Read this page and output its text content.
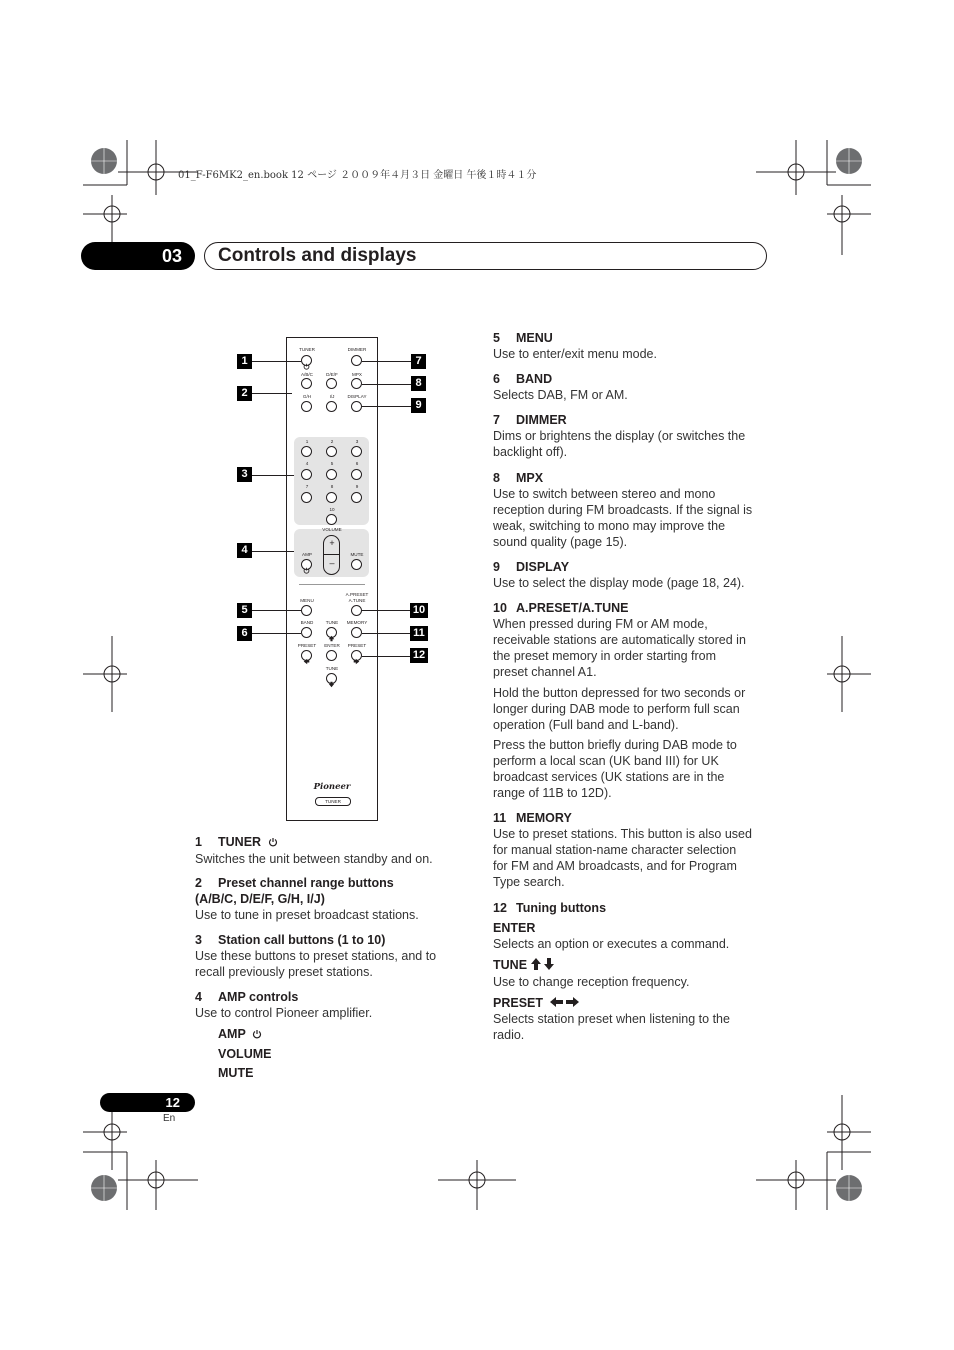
01_F-F6MK2_en.book 12 ページ ２００９年４月３日 金曜日 午後１時４１分
03	Controls and displays
TUNER	DIMMER
A/B/C	D/E/F	MPX
G/H	I/J	DISPLAY
1	2	3
4	5	6
7	8	9
10
VOLUME
+
–
AMP	MUTE
MENU
A.PRESET
A.TUNE
BAND	TUNE	MEMORY
PRESET	ENTER	PRESET
TUNE
Pioneer
TUNER
1
2
3
4
5
6
7
8
9
10
11
12
1 TUNER
Switches the unit between standby and on.
2 Preset channel range buttons
(A/B/C, D/E/F, G/H, I/J)
Use to tune in preset broadcast stations.
3 Station call buttons (1 to 10)
Use these buttons to preset stations, and to
recall previously preset stations.
4 AMP controls
Use to control Pioneer amplifier.
AMP
VOLUME
MUTE
5 MENU
Use to enter/exit menu mode.
6 BAND
Selects DAB, FM or AM.
7 DIMMER
Dims or brightens the display (or switches the
backlight off).
8 MPX
Use to switch between stereo and mono
reception during FM broadcasts. If the signal is
weak, switching to mono may improve the
sound quality (page 15).
9 DISPLAY
Use to select the display mode (page 18, 24).
10 A.PRESET/A.TUNE
When pressed during FM or AM mode,
receivable stations are automatically stored in
the preset memory in order starting from
preset channel A1.
Hold the button depressed for two seconds or
longer during DAB mode to perform full scan
operation (Full band and L-band).
Press the button briefly during DAB mode to
perform a local scan (UK band III) for UK
broadcast services (UK stations are in the
range of 11B to 12D).
11 MEMORY
Use to preset stations. This button is also used
for manual station-name character selection
for FM and AM broadcasts, and for Program
Type search.
12 Tuning buttons
ENTER
Selects an option or executes a command.
TUNE
Use to change reception frequency.
PRESET
Selects station preset when listening to the
radio.
12
En
